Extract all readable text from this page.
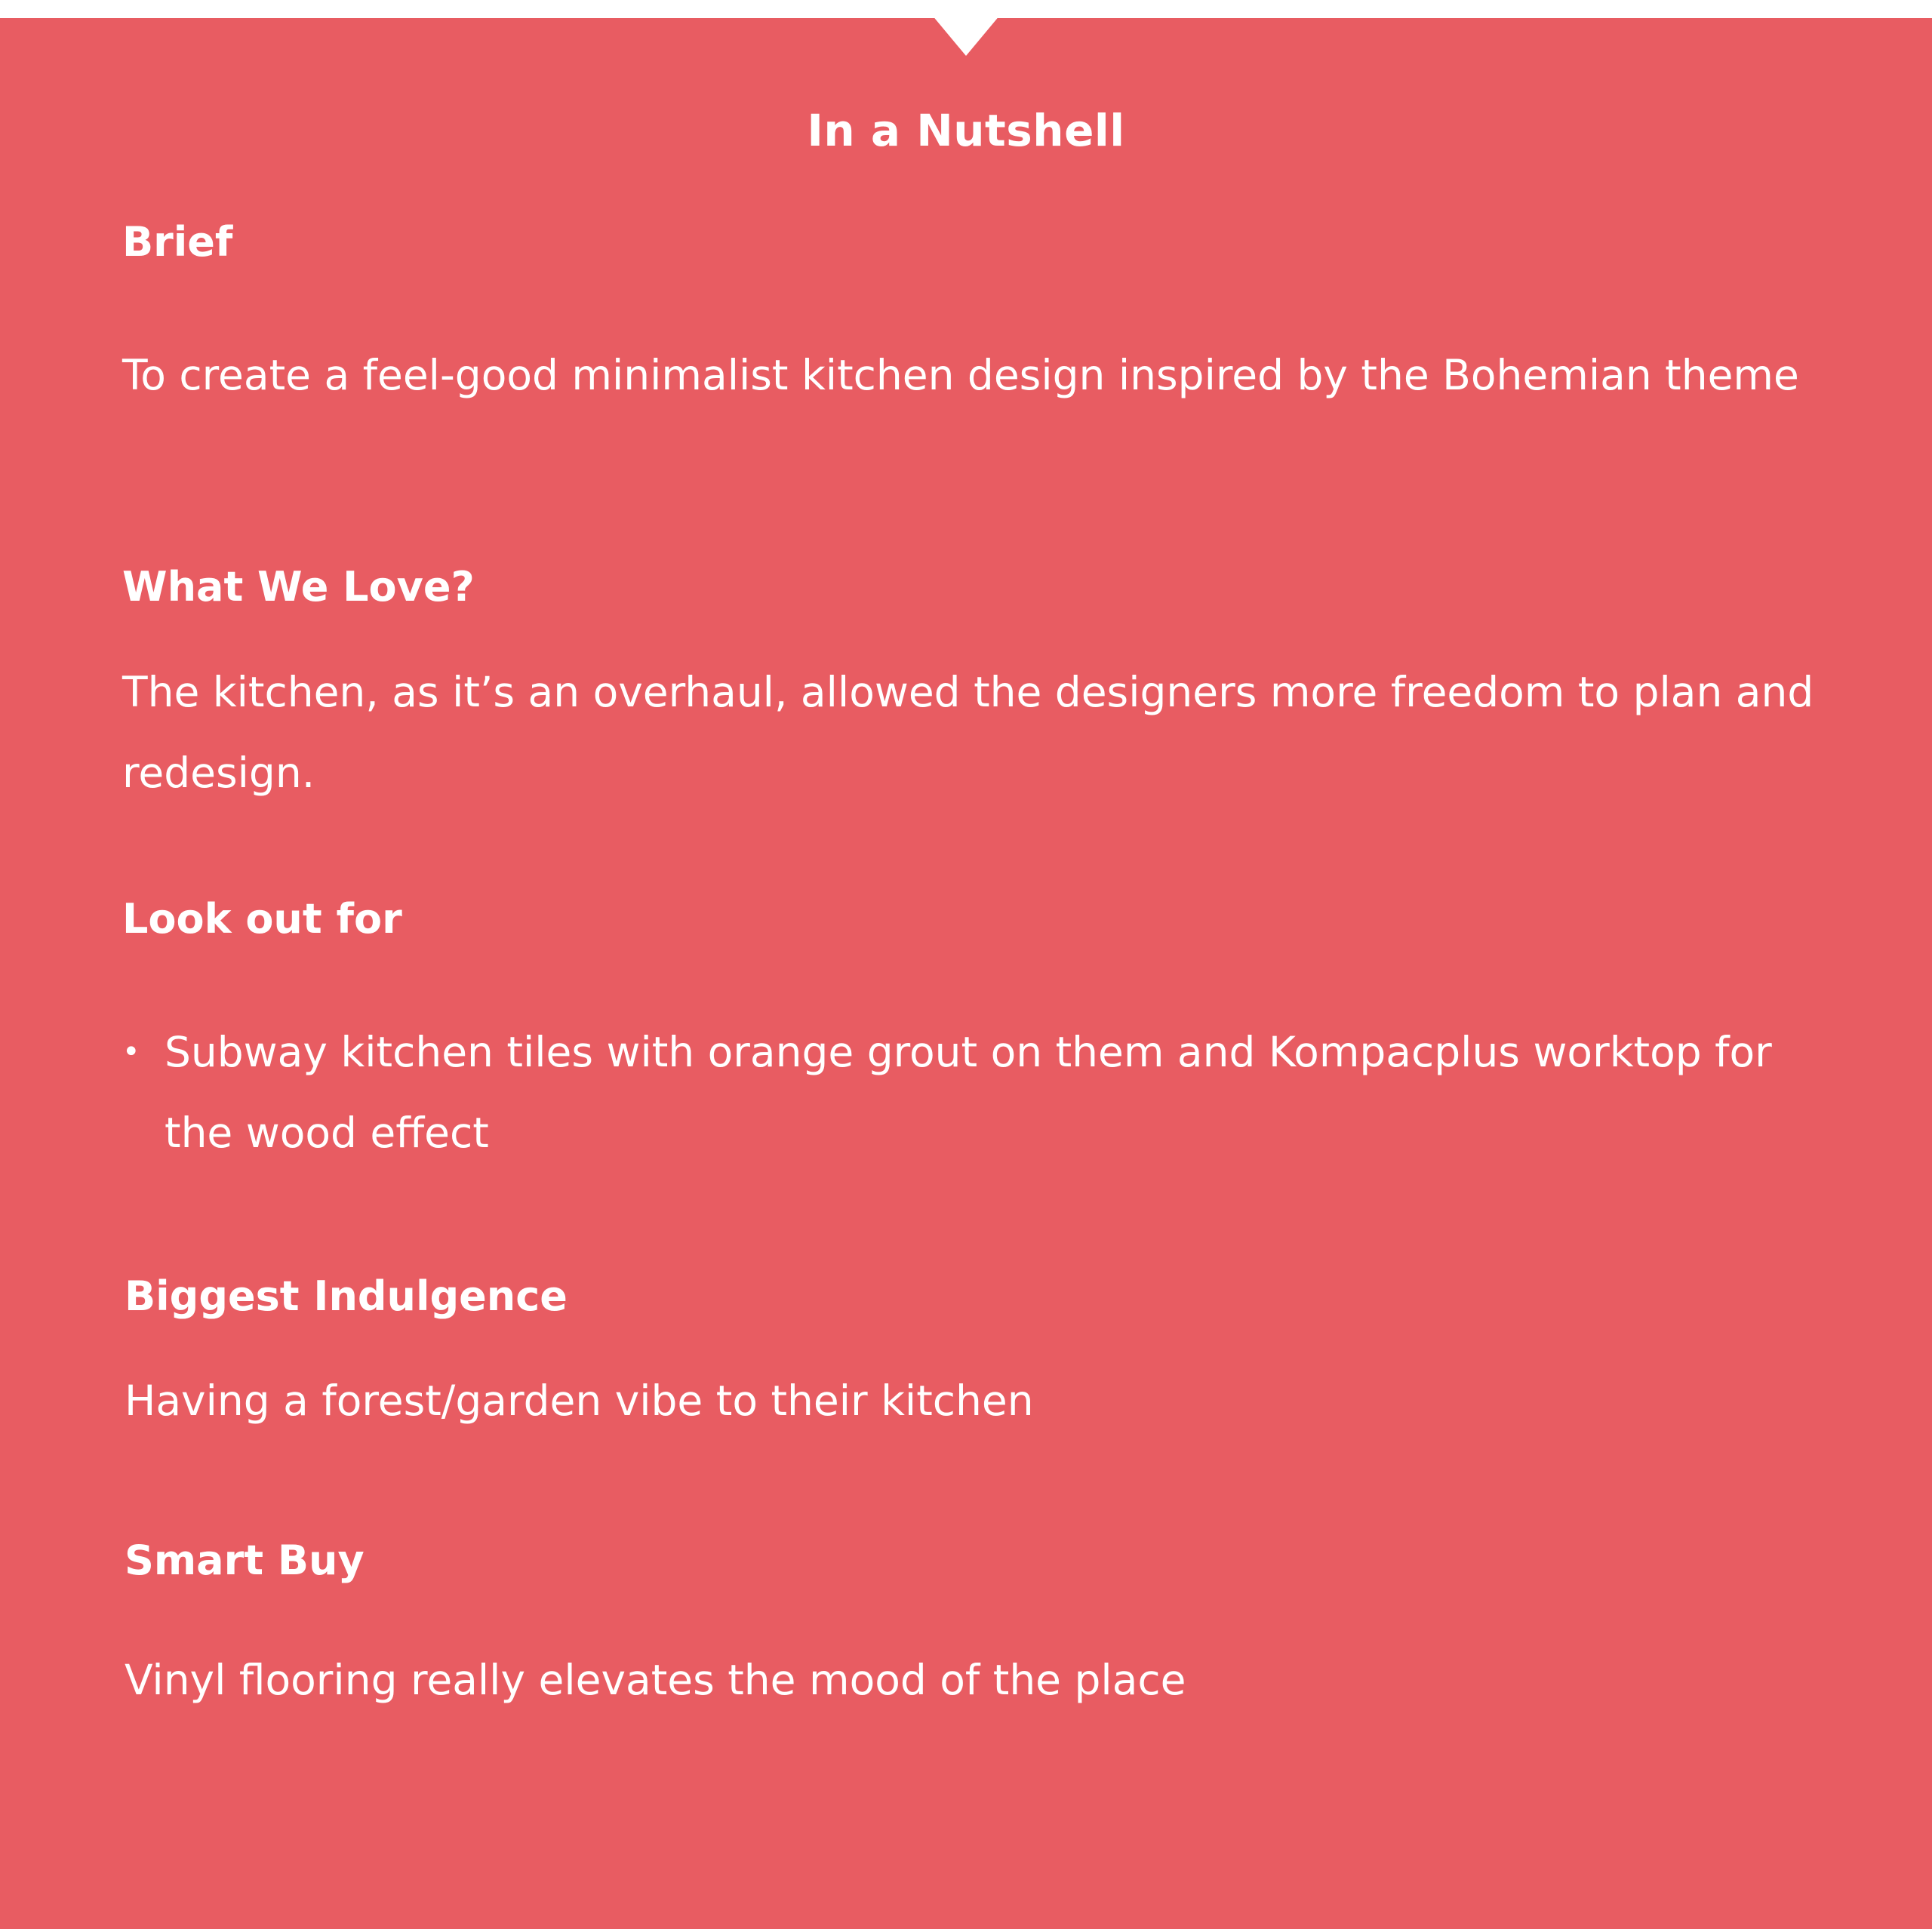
In a Nutshell
Brief

To create a feel-good minimalist kitchen design inspired by the Bohemian theme

What We Love?

The kitchen, as it’s an overhaul, allowed the designers more freedom to plan and redesign.

Look out for
• Subway kitchen tiles with orange grout on them and Kompacplus worktop for the wood effect
Biggest Indulgence

Having a forest/garden vibe to their kitchen

Smart Buy

Vinyl flooring really elevates the mood of the place
